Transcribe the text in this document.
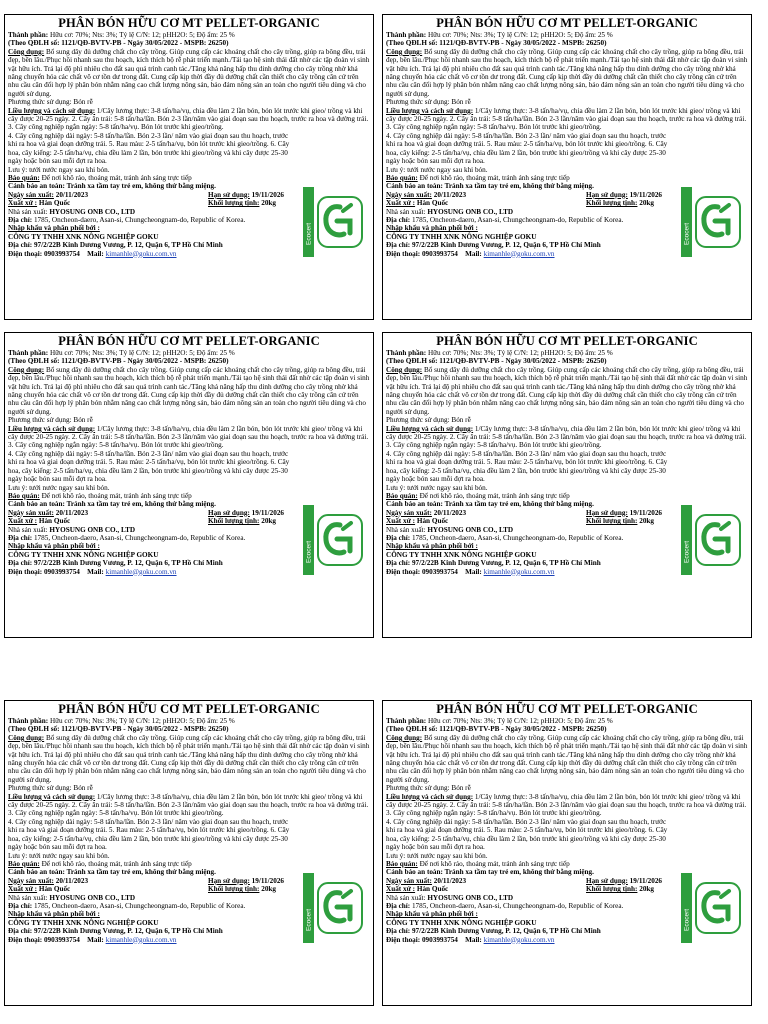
PHÂN BÓN HỮU CƠ MT PELLET-ORGANIC
Thành phần: Hữu cơ: 70%; Nts: 3%; Tỷ lệ C/N: 12; pHH2O: 5; Độ ẩm: 25 %
(Theo QĐLH số: 1121/QĐ-BVTV-PB - Ngày 30/05/2022 - MSPB: 26250)
Công dụng: Bổ sung dây đủ dưỡng chất cho cây trồng. Giúp cung cấp các khoáng chất cho cây trồng, giúp ra bông đều, trái đẹp, bền lâu./Phục hồi nhanh sau thu hoạch, kích thích bộ rễ phát triển mạnh./Tái tạo hệ sinh thái đất nhờ các tập đoàn vi sinh vật hữu ích. Trả lại độ phì nhiêu cho đất sau quá trình canh tác./Tăng khả năng hấp thu dinh dưỡng cho cây trồng nhờ khả năng chuyển hóa các chất vô cơ tồn dư trong đất. Cung cấp kịp thời đầy đủ dưỡng chất cần thiết cho cây trồng cân cứ trên nhu cầu cân đối hợp lý phân bón nhằm nâng cao chất lượng nông sản, bảo đảm nông sản an toàn cho người tiêu dùng và cho người sử dụng.
Phương thức sử dụng: Bón rễ
Liều lượng và cách sử dụng: 1/Cây lương thực: 3-8 tấn/ha/vụ, chia đều làm 2 lần bón, bón lót trước khi gieo/ trồng và khi cây được 20-25 ngày. 2. Cây ăn trái: 5-8 tấn/ha/lần. Bón 2-3 lần/năm vào giai đoạn sau thu hoạch, trước ra hoa và đường trái. 3. Cây công nghiệp ngắn ngày: 5-8 tấn/ha/vụ. Bón lót trước khi gieo/trồng.
4. Cây công nghiệp dài ngày: 5-8 tấn/ha/lần. Bón 2-3 lần/ năm vào giai đoạn sau thu hoạch, trước khi ra hoa và giai đoạn dưỡng trái. 5. Rau màu: 2-5 tấn/ha/vụ, bón lót trước khi gieo/trồng. 6. Cây hoa, cây kiểng: 2-5 tấn/ha/vụ, chia đều làm 2 lần, bón trước khi gieo/trồng và khi cây được 25-30 ngày hoặc bón sau mỗi đợt ra hoa.
Lưu ý: tưới nước ngay sau khi bón.
Bảo quản: Để nơi khô ráo, thoáng mát, tránh ánh sáng trực tiếp
Cảnh báo an toàn: Tránh xa tầm tay trẻ em, không thử bằng miệng.
Ngày sản xuất: 20/11/2023	Hạn sử dụng: 19/11/2026
Xuất xứ : Hàn Quốc	Khối lượng tịnh: 20kg
Nhà sản xuất: HYOSUNG ONB CO., LTD
Địa chỉ: 1785, Oncheon-daero, Asan-si, Chungcheongnam-do, Republic of Korea.
Nhập khẩu và phân phối bởi :
CÔNG TY TNHH XNK NÔNG NGHIỆP GOKU
Địa chỉ: 97/2/22B Kinh Dương Vương, P. 12, Quận 6, TP Hồ Chí Minh
Điện thoại: 0903993754 Mail: kimanhle@goku.com.vn
Ecocert
PHÂN BÓN HỮU CƠ MT PELLET-ORGANIC
Thành phần: Hữu cơ: 70%; Nts: 3%; Tỷ lệ C/N: 12; pHH2O: 5; Độ ẩm: 25 %
(Theo QĐLH số: 1121/QĐ-BVTV-PB - Ngày 30/05/2022 - MSPB: 26250)
Công dụng: Bổ sung dây đủ dưỡng chất cho cây trồng. Giúp cung cấp các khoáng chất cho cây trồng, giúp ra bông đều, trái đẹp, bền lâu./Phục hồi nhanh sau thu hoạch, kích thích bộ rễ phát triển mạnh./Tái tạo hệ sinh thái đất nhờ các tập đoàn vi sinh vật hữu ích. Trả lại độ phì nhiêu cho đất sau quá trình canh tác./Tăng khả năng hấp thu dinh dưỡng cho cây trồng nhờ khả năng chuyển hóa các chất vô cơ tồn dư trong đất. Cung cấp kịp thời đầy đủ dưỡng chất cần thiết cho cây trồng cân cứ trên nhu cầu cân đối hợp lý phân bón nhằm nâng cao chất lượng nông sản, bảo đảm nông sản an toàn cho người tiêu dùng và cho người sử dụng.
Phương thức sử dụng: Bón rễ
Liều lượng và cách sử dụng: 1/Cây lương thực: 3-8 tấn/ha/vụ, chia đều làm 2 lần bón, bón lót trước khi gieo/ trồng và khi cây được 20-25 ngày. 2. Cây ăn trái: 5-8 tấn/ha/lần. Bón 2-3 lần/năm vào giai đoạn sau thu hoạch, trước ra hoa và đường trái. 3. Cây công nghiệp ngắn ngày: 5-8 tấn/ha/vụ. Bón lót trước khi gieo/trồng.
4. Cây công nghiệp dài ngày: 5-8 tấn/ha/lần. Bón 2-3 lần/ năm vào giai đoạn sau thu hoạch, trước khi ra hoa và giai đoạn dưỡng trái. 5. Rau màu: 2-5 tấn/ha/vụ, bón lót trước khi gieo/trồng. 6. Cây hoa, cây kiểng: 2-5 tấn/ha/vụ, chia đều làm 2 lần, bón trước khi gieo/trồng và khi cây được 25-30 ngày hoặc bón sau mỗi đợt ra hoa.
Lưu ý: tưới nước ngay sau khi bón.
Bảo quản: Để nơi khô ráo, thoáng mát, tránh ánh sáng trực tiếp
Cảnh báo an toàn: Tránh xa tầm tay trẻ em, không thử bằng miệng.
Ngày sản xuất: 20/11/2023	Hạn sử dụng: 19/11/2026
Xuất xứ : Hàn Quốc	Khối lượng tịnh: 20kg
Nhà sản xuất: HYOSUNG ONB CO., LTD
Địa chỉ: 1785, Oncheon-daero, Asan-si, Chungcheongnam-do, Republic of Korea.
Nhập khẩu và phân phối bởi :
CÔNG TY TNHH XNK NÔNG NGHIỆP GOKU
Địa chỉ: 97/2/22B Kinh Dương Vương, P. 12, Quận 6, TP Hồ Chí Minh
Điện thoại: 0903993754 Mail: kimanhle@goku.com.vn
Ecocert
PHÂN BÓN HỮU CƠ MT PELLET-ORGANIC
Thành phần: Hữu cơ: 70%; Nts: 3%; Tỷ lệ C/N: 12; pHH2O: 5; Độ ẩm: 25 %
(Theo QĐLH số: 1121/QĐ-BVTV-PB - Ngày 30/05/2022 - MSPB: 26250)
Công dụng: Bổ sung dây đủ dưỡng chất cho cây trồng. Giúp cung cấp các khoáng chất cho cây trồng, giúp ra bông đều, trái đẹp, bền lâu./Phục hồi nhanh sau thu hoạch, kích thích bộ rễ phát triển mạnh./Tái tạo hệ sinh thái đất nhờ các tập đoàn vi sinh vật hữu ích. Trả lại độ phì nhiêu cho đất sau quá trình canh tác./Tăng khả năng hấp thu dinh dưỡng cho cây trồng nhờ khả năng chuyển hóa các chất vô cơ tồn dư trong đất. Cung cấp kịp thời đầy đủ dưỡng chất cần thiết cho cây trồng cân cứ trên nhu cầu cân đối hợp lý phân bón nhằm nâng cao chất lượng nông sản, bảo đảm nông sản an toàn cho người tiêu dùng và cho người sử dụng.
Phương thức sử dụng: Bón rễ
Liều lượng và cách sử dụng: 1/Cây lương thực: 3-8 tấn/ha/vụ, chia đều làm 2 lần bón, bón lót trước khi gieo/ trồng và khi cây được 20-25 ngày. 2. Cây ăn trái: 5-8 tấn/ha/lần. Bón 2-3 lần/năm vào giai đoạn sau thu hoạch, trước ra hoa và đường trái. 3. Cây công nghiệp ngắn ngày: 5-8 tấn/ha/vụ. Bón lót trước khi gieo/trồng.
4. Cây công nghiệp dài ngày: 5-8 tấn/ha/lần. Bón 2-3 lần/ năm vào giai đoạn sau thu hoạch, trước khi ra hoa và giai đoạn dưỡng trái. 5. Rau màu: 2-5 tấn/ha/vụ, bón lót trước khi gieo/trồng. 6. Cây hoa, cây kiểng: 2-5 tấn/ha/vụ, chia đều làm 2 lần, bón trước khi gieo/trồng và khi cây được 25-30 ngày hoặc bón sau mỗi đợt ra hoa.
Lưu ý: tưới nước ngay sau khi bón.
Bảo quản: Để nơi khô ráo, thoáng mát, tránh ánh sáng trực tiếp
Cảnh báo an toàn: Tránh xa tầm tay trẻ em, không thử bằng miệng.
Ngày sản xuất: 20/11/2023	Hạn sử dụng: 19/11/2026
Xuất xứ : Hàn Quốc	Khối lượng tịnh: 20kg
Nhà sản xuất: HYOSUNG ONB CO., LTD
Địa chỉ: 1785, Oncheon-daero, Asan-si, Chungcheongnam-do, Republic of Korea.
Nhập khẩu và phân phối bởi :
CÔNG TY TNHH XNK NÔNG NGHIỆP GOKU
Địa chỉ: 97/2/22B Kinh Dương Vương, P. 12, Quận 6, TP Hồ Chí Minh
Điện thoại: 0903993754 Mail: kimanhle@goku.com.vn
Ecocert
PHÂN BÓN HỮU CƠ MT PELLET-ORGANIC
Thành phần: Hữu cơ: 70%; Nts: 3%; Tỷ lệ C/N: 12; pHH2O: 5; Độ ẩm: 25 %
(Theo QĐLH số: 1121/QĐ-BVTV-PB - Ngày 30/05/2022 - MSPB: 26250)
Công dụng: Bổ sung dây đủ dưỡng chất cho cây trồng. Giúp cung cấp các khoáng chất cho cây trồng, giúp ra bông đều, trái đẹp, bền lâu./Phục hồi nhanh sau thu hoạch, kích thích bộ rễ phát triển mạnh./Tái tạo hệ sinh thái đất nhờ các tập đoàn vi sinh vật hữu ích. Trả lại độ phì nhiêu cho đất sau quá trình canh tác./Tăng khả năng hấp thu dinh dưỡng cho cây trồng nhờ khả năng chuyển hóa các chất vô cơ tồn dư trong đất. Cung cấp kịp thời đầy đủ dưỡng chất cần thiết cho cây trồng cân cứ trên nhu cầu cân đối hợp lý phân bón nhằm nâng cao chất lượng nông sản, bảo đảm nông sản an toàn cho người tiêu dùng và cho người sử dụng.
Phương thức sử dụng: Bón rễ
Liều lượng và cách sử dụng: 1/Cây lương thực: 3-8 tấn/ha/vụ, chia đều làm 2 lần bón, bón lót trước khi gieo/ trồng và khi cây được 20-25 ngày. 2. Cây ăn trái: 5-8 tấn/ha/lần. Bón 2-3 lần/năm vào giai đoạn sau thu hoạch, trước ra hoa và đường trái. 3. Cây công nghiệp ngắn ngày: 5-8 tấn/ha/vụ. Bón lót trước khi gieo/trồng.
4. Cây công nghiệp dài ngày: 5-8 tấn/ha/lần. Bón 2-3 lần/ năm vào giai đoạn sau thu hoạch, trước khi ra hoa và giai đoạn dưỡng trái. 5. Rau màu: 2-5 tấn/ha/vụ, bón lót trước khi gieo/trồng. 6. Cây hoa, cây kiểng: 2-5 tấn/ha/vụ, chia đều làm 2 lần, bón trước khi gieo/trồng và khi cây được 25-30 ngày hoặc bón sau mỗi đợt ra hoa.
Lưu ý: tưới nước ngay sau khi bón.
Bảo quản: Để nơi khô ráo, thoáng mát, tránh ánh sáng trực tiếp
Cảnh báo an toàn: Tránh xa tầm tay trẻ em, không thử bằng miệng.
Ngày sản xuất: 20/11/2023	Hạn sử dụng: 19/11/2026
Xuất xứ : Hàn Quốc	Khối lượng tịnh: 20kg
Nhà sản xuất: HYOSUNG ONB CO., LTD
Địa chỉ: 1785, Oncheon-daero, Asan-si, Chungcheongnam-do, Republic of Korea.
Nhập khẩu và phân phối bởi :
CÔNG TY TNHH XNK NÔNG NGHIỆP GOKU
Địa chỉ: 97/2/22B Kinh Dương Vương, P. 12, Quận 6, TP Hồ Chí Minh
Điện thoại: 0903993754 Mail: kimanhle@goku.com.vn
Ecocert
PHÂN BÓN HỮU CƠ MT PELLET-ORGANIC
Thành phần: Hữu cơ: 70%; Nts: 3%; Tỷ lệ C/N: 12; pHH2O: 5; Độ ẩm: 25 %
(Theo QĐLH số: 1121/QĐ-BVTV-PB - Ngày 30/05/2022 - MSPB: 26250)
Công dụng: Bổ sung dây đủ dưỡng chất cho cây trồng. Giúp cung cấp các khoáng chất cho cây trồng, giúp ra bông đều, trái đẹp, bền lâu./Phục hồi nhanh sau thu hoạch, kích thích bộ rễ phát triển mạnh./Tái tạo hệ sinh thái đất nhờ các tập đoàn vi sinh vật hữu ích. Trả lại độ phì nhiêu cho đất sau quá trình canh tác./Tăng khả năng hấp thu dinh dưỡng cho cây trồng nhờ khả năng chuyển hóa các chất vô cơ tồn dư trong đất. Cung cấp kịp thời đầy đủ dưỡng chất cần thiết cho cây trồng cân cứ trên nhu cầu cân đối hợp lý phân bón nhằm nâng cao chất lượng nông sản, bảo đảm nông sản an toàn cho người tiêu dùng và cho người sử dụng.
Phương thức sử dụng: Bón rễ
Liều lượng và cách sử dụng: 1/Cây lương thực: 3-8 tấn/ha/vụ, chia đều làm 2 lần bón, bón lót trước khi gieo/ trồng và khi cây được 20-25 ngày. 2. Cây ăn trái: 5-8 tấn/ha/lần. Bón 2-3 lần/năm vào giai đoạn sau thu hoạch, trước ra hoa và đường trái. 3. Cây công nghiệp ngắn ngày: 5-8 tấn/ha/vụ. Bón lót trước khi gieo/trồng.
4. Cây công nghiệp dài ngày: 5-8 tấn/ha/lần. Bón 2-3 lần/ năm vào giai đoạn sau thu hoạch, trước khi ra hoa và giai đoạn dưỡng trái. 5. Rau màu: 2-5 tấn/ha/vụ, bón lót trước khi gieo/trồng. 6. Cây hoa, cây kiểng: 2-5 tấn/ha/vụ, chia đều làm 2 lần, bón trước khi gieo/trồng và khi cây được 25-30 ngày hoặc bón sau mỗi đợt ra hoa.
Lưu ý: tưới nước ngay sau khi bón.
Bảo quản: Để nơi khô ráo, thoáng mát, tránh ánh sáng trực tiếp
Cảnh báo an toàn: Tránh xa tầm tay trẻ em, không thử bằng miệng.
Ngày sản xuất: 20/11/2023	Hạn sử dụng: 19/11/2026
Xuất xứ : Hàn Quốc	Khối lượng tịnh: 20kg
Nhà sản xuất: HYOSUNG ONB CO., LTD
Địa chỉ: 1785, Oncheon-daero, Asan-si, Chungcheongnam-do, Republic of Korea.
Nhập khẩu và phân phối bởi :
CÔNG TY TNHH XNK NÔNG NGHIỆP GOKU
Địa chỉ: 97/2/22B Kinh Dương Vương, P. 12, Quận 6, TP Hồ Chí Minh
Điện thoại: 0903993754 Mail: kimanhle@goku.com.vn
Ecocert
PHÂN BÓN HỮU CƠ MT PELLET-ORGANIC
Thành phần: Hữu cơ: 70%; Nts: 3%; Tỷ lệ C/N: 12; pHH2O: 5; Độ ẩm: 25 %
(Theo QĐLH số: 1121/QĐ-BVTV-PB - Ngày 30/05/2022 - MSPB: 26250)
Công dụng: Bổ sung dây đủ dưỡng chất cho cây trồng. Giúp cung cấp các khoáng chất cho cây trồng, giúp ra bông đều, trái đẹp, bền lâu./Phục hồi nhanh sau thu hoạch, kích thích bộ rễ phát triển mạnh./Tái tạo hệ sinh thái đất nhờ các tập đoàn vi sinh vật hữu ích. Trả lại độ phì nhiêu cho đất sau quá trình canh tác./Tăng khả năng hấp thu dinh dưỡng cho cây trồng nhờ khả năng chuyển hóa các chất vô cơ tồn dư trong đất. Cung cấp kịp thời đầy đủ dưỡng chất cần thiết cho cây trồng cân cứ trên nhu cầu cân đối hợp lý phân bón nhằm nâng cao chất lượng nông sản, bảo đảm nông sản an toàn cho người tiêu dùng và cho người sử dụng.
Phương thức sử dụng: Bón rễ
Liều lượng và cách sử dụng: 1/Cây lương thực: 3-8 tấn/ha/vụ, chia đều làm 2 lần bón, bón lót trước khi gieo/ trồng và khi cây được 20-25 ngày. 2. Cây ăn trái: 5-8 tấn/ha/lần. Bón 2-3 lần/năm vào giai đoạn sau thu hoạch, trước ra hoa và đường trái. 3. Cây công nghiệp ngắn ngày: 5-8 tấn/ha/vụ. Bón lót trước khi gieo/trồng.
4. Cây công nghiệp dài ngày: 5-8 tấn/ha/lần. Bón 2-3 lần/ năm vào giai đoạn sau thu hoạch, trước khi ra hoa và giai đoạn dưỡng trái. 5. Rau màu: 2-5 tấn/ha/vụ, bón lót trước khi gieo/trồng. 6. Cây hoa, cây kiểng: 2-5 tấn/ha/vụ, chia đều làm 2 lần, bón trước khi gieo/trồng và khi cây được 25-30 ngày hoặc bón sau mỗi đợt ra hoa.
Lưu ý: tưới nước ngay sau khi bón.
Bảo quản: Để nơi khô ráo, thoáng mát, tránh ánh sáng trực tiếp
Cảnh báo an toàn: Tránh xa tầm tay trẻ em, không thử bằng miệng.
Ngày sản xuất: 20/11/2023	Hạn sử dụng: 19/11/2026
Xuất xứ : Hàn Quốc	Khối lượng tịnh: 20kg
Nhà sản xuất: HYOSUNG ONB CO., LTD
Địa chỉ: 1785, Oncheon-daero, Asan-si, Chungcheongnam-do, Republic of Korea.
Nhập khẩu và phân phối bởi :
CÔNG TY TNHH XNK NÔNG NGHIỆP GOKU
Địa chỉ: 97/2/22B Kinh Dương Vương, P. 12, Quận 6, TP Hồ Chí Minh
Điện thoại: 0903993754 Mail: kimanhle@goku.com.vn
Ecocert
